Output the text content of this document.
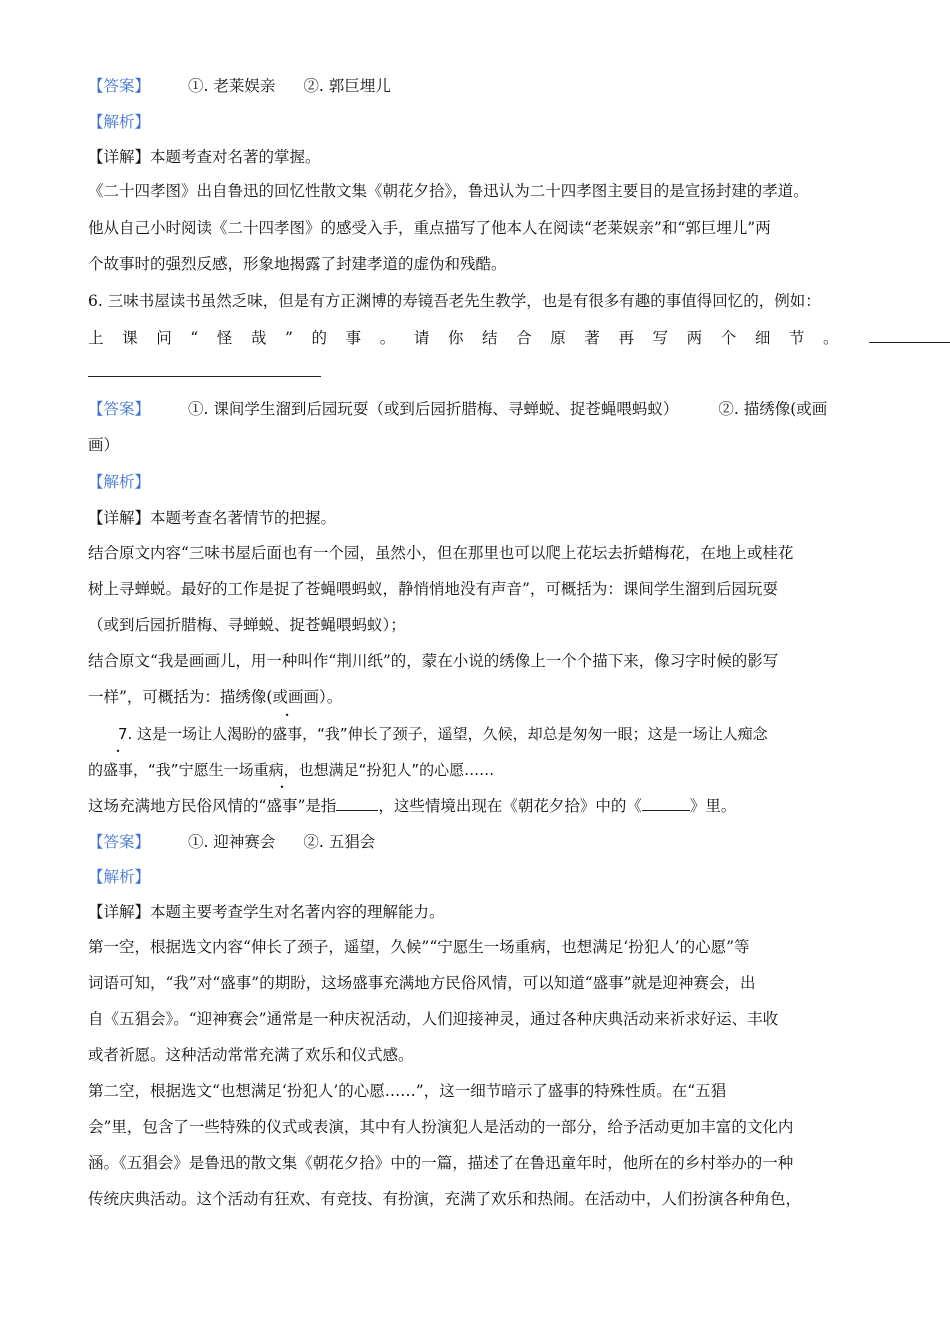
【答案】 ①. 老莱娱亲 ②. 郭巨埋儿
【解析】
【详解】本题考查对名著的掌握。
《二十四孝图》出自鲁迅的回忆性散文集《朝花夕拾》，鲁迅认为二十四孝图主要目的是宣扬封建的孝道。
他从自己小时阅读《二十四孝图》的感受入手，重点描写了他本人在阅读“老莱娱亲”和“郭巨埋儿”两
个故事时的强烈反感，形象地揭露了封建孝道的虚伪和残酷。
6. 三味书屋读书虽然乏味，但是有方正渊博的寿镜吾老先生教学，也是有很多有趣的事值得回忆的，例如：
上课问“怪哉”的事。请你结合原著再写两个细节。
【答案】 ①. 课间学生溜到后园玩耍（或到后园折腊梅、寻蝉蜕、捉苍蝇喂蚂蚁）	②. 描绣像(或画
画）
【解析】
【详解】本题考查名著情节的把握。
结合原文内容“三味书屋后面也有一个园，虽然小，但在那里也可以爬上花坛去折蜡梅花，在地上或桂花
树上寻蝉蜕。最好的工作是捉了苍蝇喂蚂蚁，静悄悄地没有声音”，可概括为：课间学生溜到后园玩耍
（或到后园折腊梅、寻蝉蜕、捉苍蝇喂蚂蚁）；
结合原文“我是画画儿，用一种叫作“荆川纸”的，蒙在小说的绣像上一个个描下来，像习字时候的影写
一样”，可概括为：描绣像(或画画）。
7. 这是一场让人渴盼的盛事，“我”伸长了颈子，遥望，久候，却总是匆匆一眼；这是一场让人痴念
的盛事，“我”宁愿生一场重病，也想满足“扮犯人”的心愿……
这场充满地方民俗风情的“盛事”是指	，这些情境出现在《朝花夕拾》中的《	》里。
【答案】 ①. 迎神赛会 ②. 五猖会
【解析】
【详解】本题主要考查学生对名著内容的理解能力。
第一空，根据选文内容“伸长了颈子，遥望，久候”“宁愿生一场重病，也想满足‘扮犯人’的心愿”等
词语可知，“我”对“盛事”的期盼，这场盛事充满地方民俗风情，可以知道“盛事”就是迎神赛会，出
自《五猖会》。“迎神赛会”通常是一种庆祝活动，人们迎接神灵，通过各种庆典活动来祈求好运、丰收
或者祈愿。这种活动常常充满了欢乐和仪式感。
第二空，根据选文“也想满足‘扮犯人’的心愿……”，这一细节暗示了盛事的特殊性质。在“五猖
会”里，包含了一些特殊的仪式或表演，其中有人扮演犯人是活动的一部分，给予活动更加丰富的文化内
涵。《五猖会》是鲁迅的散文集《朝花夕拾》中的一篇，描述了在鲁迅童年时，他所在的乡村举办的一种
传统庆典活动。这个活动有狂欢、有竞技、有扮演，充满了欢乐和热闹。在活动中，人们扮演各种角色，
